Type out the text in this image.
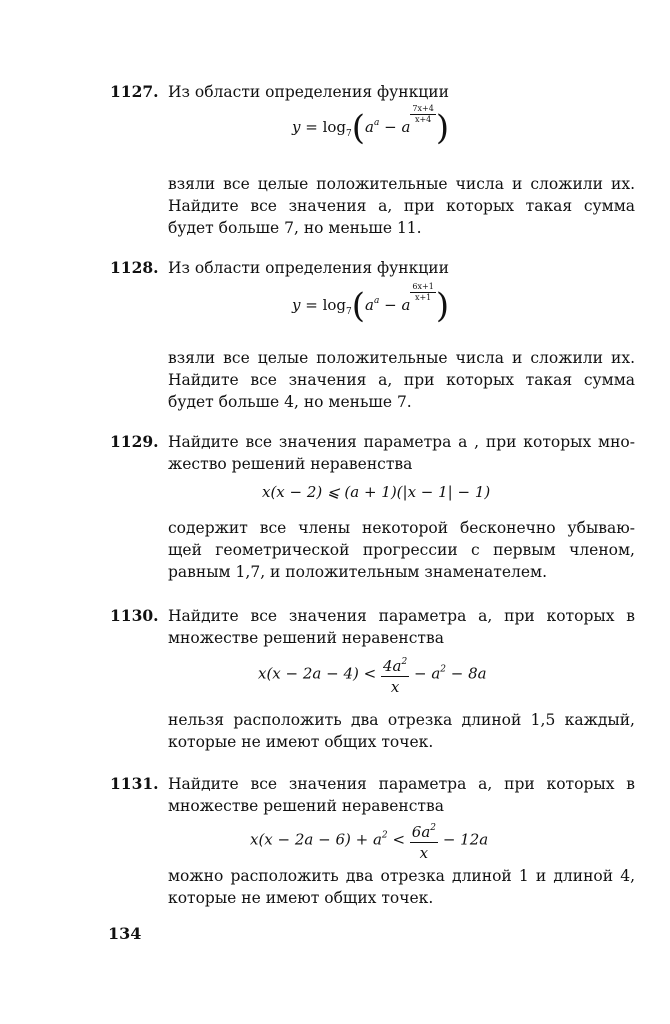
1127. Из области определения функции
$y = \log_7(a^a - a$
$\frac{7x+4}{x+4}$ )
взяли все целые положительные числа и сложили их.
Найдите все значения a, при которых такая сумма
будет больше 7, но меньше 11.
1128. Из области определения функции
$y = \log_7(a^a - a$
$\frac{6x+1}{x+1}$ )
взяли все целые положительные числа и сложили их.
Найдите все значения a, при которых такая сумма
будет больше 4, но меньше 7.
1129. Найдите все значения параметра a , при которых мно-
жество решений неравенства
x(x − 2) ⩽ (a + 1)(|x − 1| − 1)
содержит все члены некоторой бесконечно убываю-
щей геометрической прогрессии с первым членом,
равным 1,7, и положительным знаменателем.
1130. Найдите все значения параметра a, при которых в
множестве решений неравенства
$x(x - 2a - 4) < \frac{4a^2}{x} - a^2 - 8a$
нельзя расположить два отрезка длиной 1,5 каждый,
которые не имеют общих точек.
1131. Найдите все значения параметра a, при которых в
множестве решений неравенства
$x(x - 2a - 6) + a^2 < \frac{6a^2}{x} - 12a$
можно расположить два отрезка длиной 1 и длиной 4,
которые не имеют общих точек.
134
